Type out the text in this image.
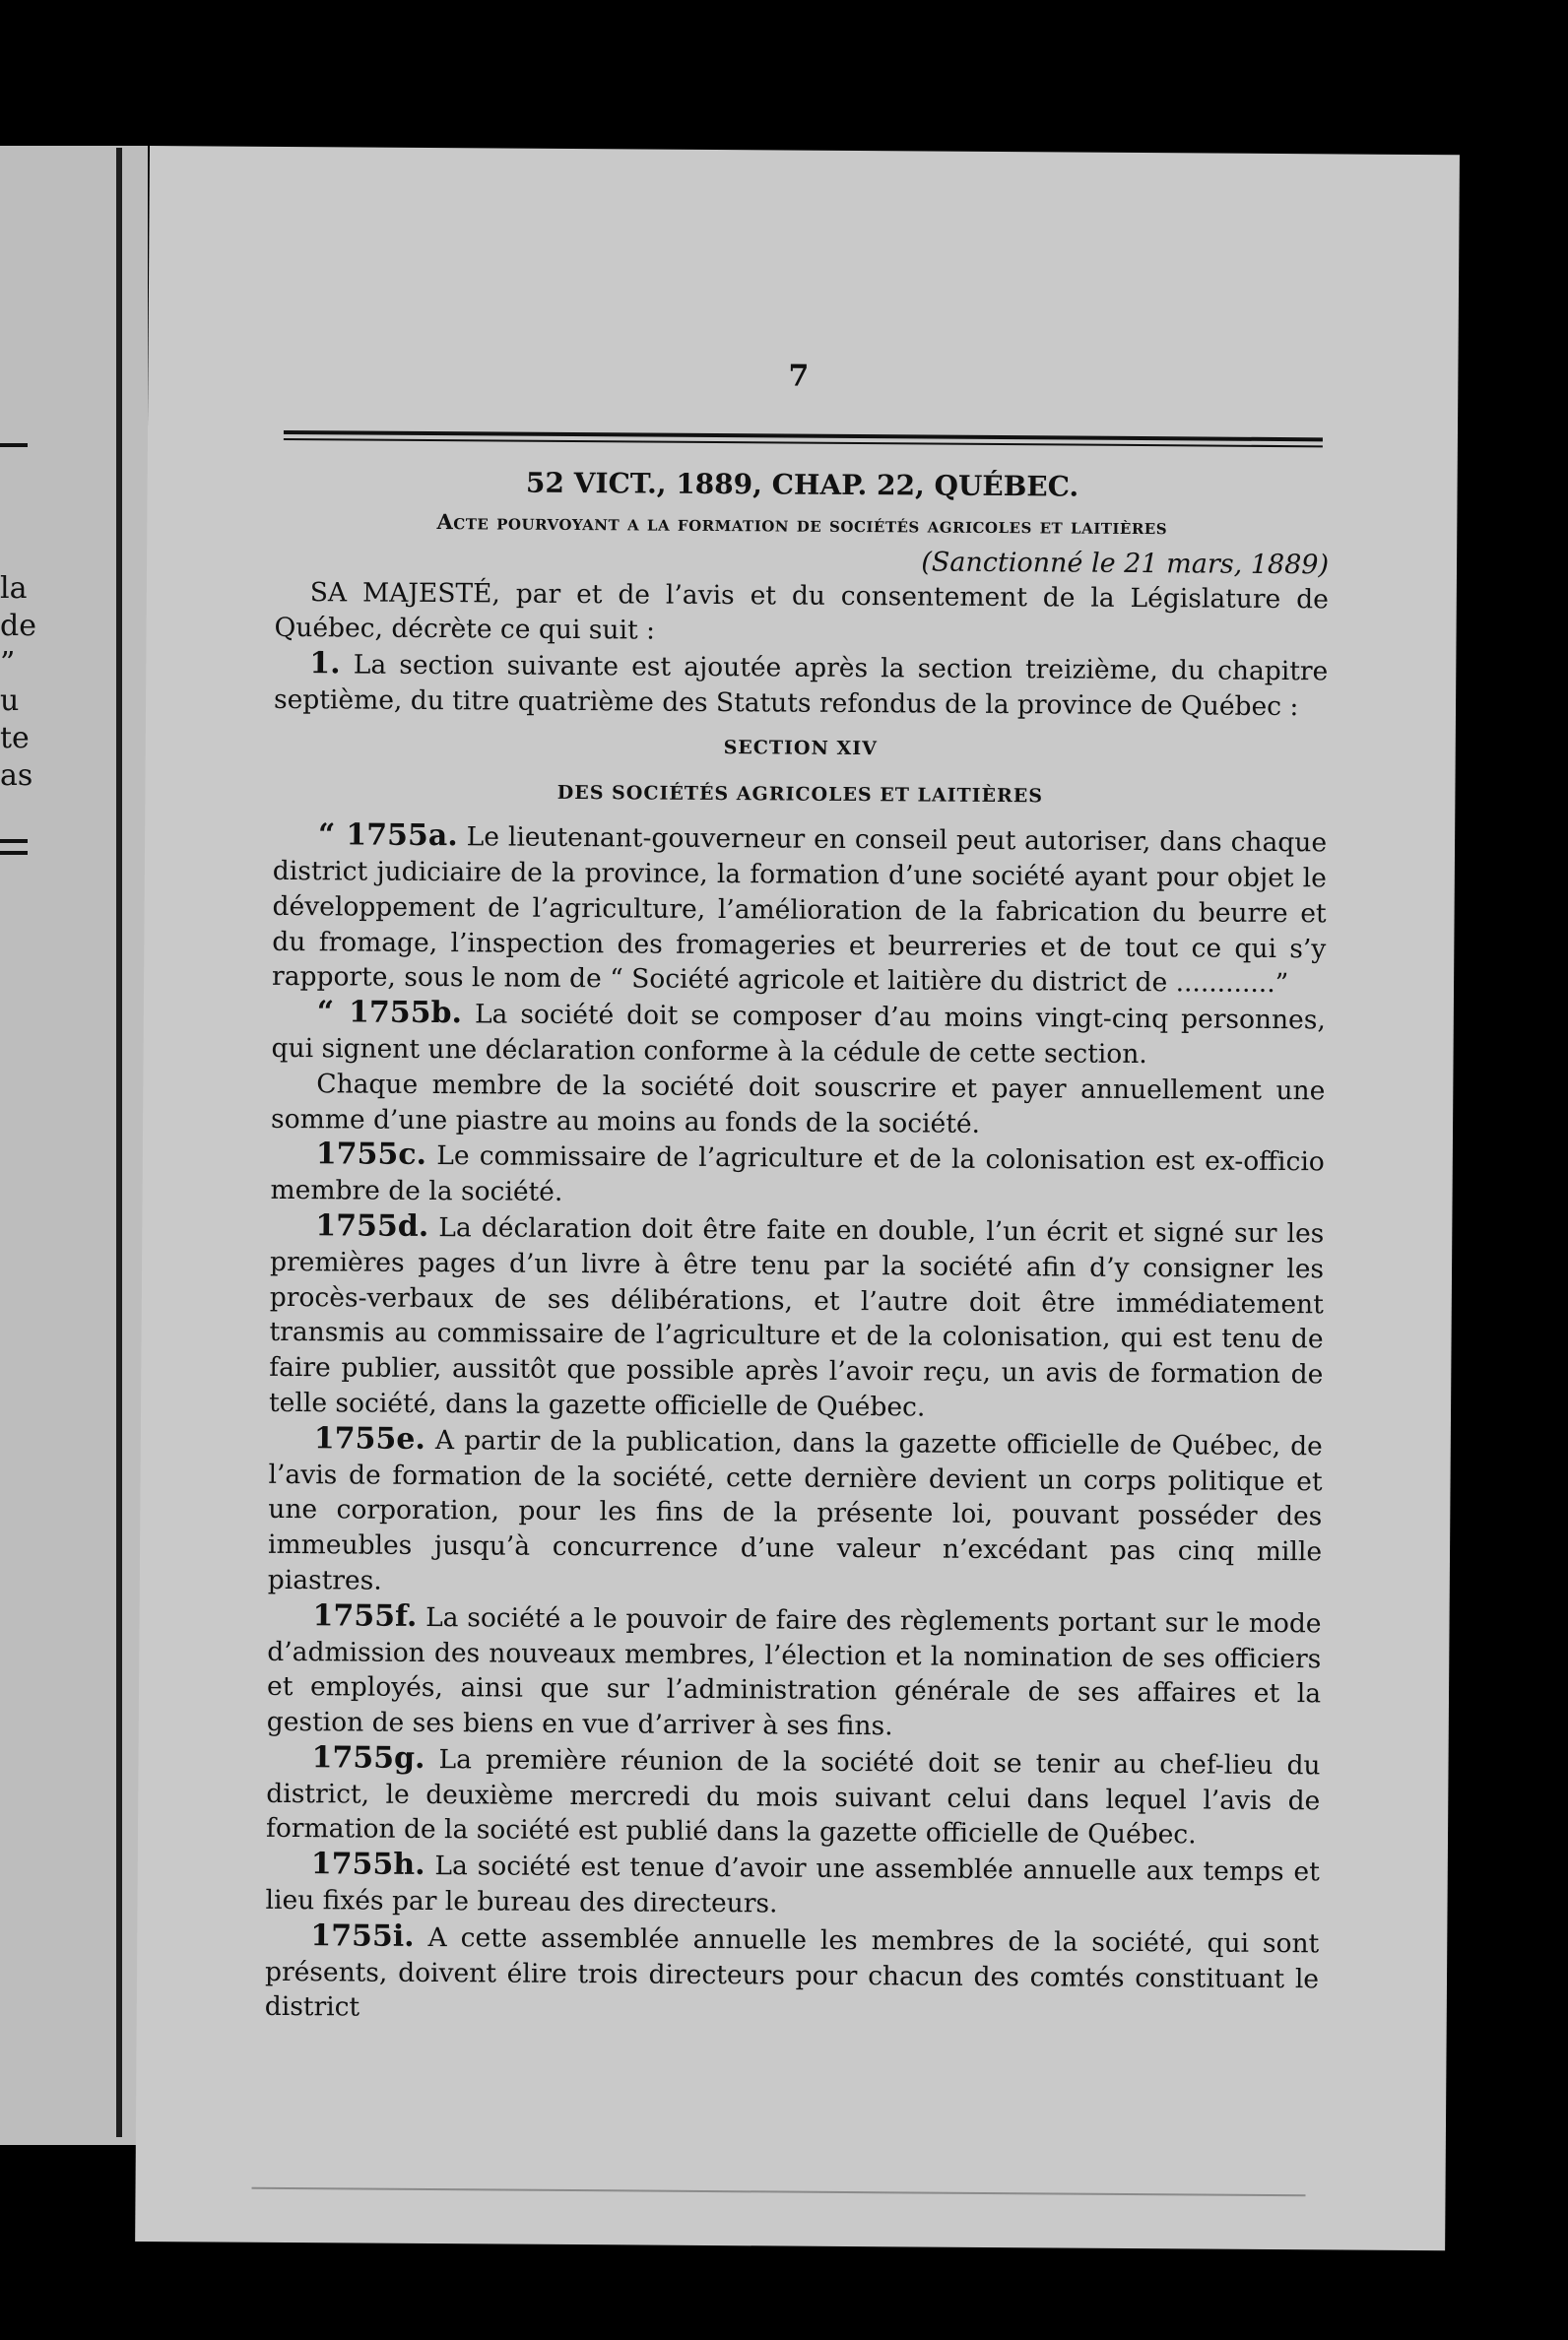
la
de
”
u
te
as
7
52 VICT., 1889, CHAP. 22, QUÉBEC.
Acte pourvoyant a la formation de sociétés agricoles et laitières
(Sanctionné le 21 mars, 1889)

SA MAJESTÉ, par et de l’avis et du consentement de la Législature de Québec, décrète ce qui suit :

1. La section suivante est ajoutée après la section treizième, du chapitre septième, du titre quatrième des Statuts refondus de la province de Québec :

SECTION XIV
DES SOCIÉTÉS AGRICOLES ET LAITIÈRES

“ 1755a. Le lieutenant-gouverneur en conseil peut autoriser, dans chaque district judiciaire de la province, la formation d’une société ayant pour objet le développement de l’agriculture, l’amélioration de la fabrication du beurre et du fromage, l’inspection des fromageries et beurreries et de tout ce qui s’y rapporte, sous le nom de “ Société agricole et laitière du district de ............”

“ 1755b. La société doit se composer d’au moins vingt-cinq personnes, qui signent une déclaration conforme à la cédule de cette section.

Chaque membre de la société doit souscrire et payer annuellement une somme d’une piastre au moins au fonds de la société.

1755c. Le commissaire de l’agriculture et de la colonisation est ex-officio membre de la société.

1755d. La déclaration doit être faite en double, l’un écrit et signé sur les premières pages d’un livre à être tenu par la société afin d’y consigner les procès-verbaux de ses délibérations, et l’autre doit être immédiatement transmis au commissaire de l’agriculture et de la colonisation, qui est tenu de faire publier, aussitôt que possible après l’avoir reçu, un avis de formation de telle société, dans la gazette officielle de Québec.

1755e. A partir de la publication, dans la gazette officielle de Québec, de l’avis de formation de la société, cette dernière devient un corps politique et une corporation, pour les fins de la présente loi, pouvant posséder des immeubles jusqu’à concurrence d’une valeur n’excédant pas cinq mille piastres.

1755f. La société a le pouvoir de faire des règlements portant sur le mode d’admission des nouveaux membres, l’élection et la nomination de ses officiers et employés, ainsi que sur l’administration générale de ses affaires et la gestion de ses biens en vue d’arriver à ses fins.

1755g. La première réunion de la société doit se tenir au chef-lieu du district, le deuxième mercredi du mois suivant celui dans lequel l’avis de formation de la société est publié dans la gazette officielle de Québec.

1755h. La société est tenue d’avoir une assemblée annuelle aux temps et lieu fixés par le bureau des directeurs.

1755i. A cette assemblée annuelle les membres de la société, qui sont présents, doivent élire trois directeurs pour chacun des comtés constituant le district
